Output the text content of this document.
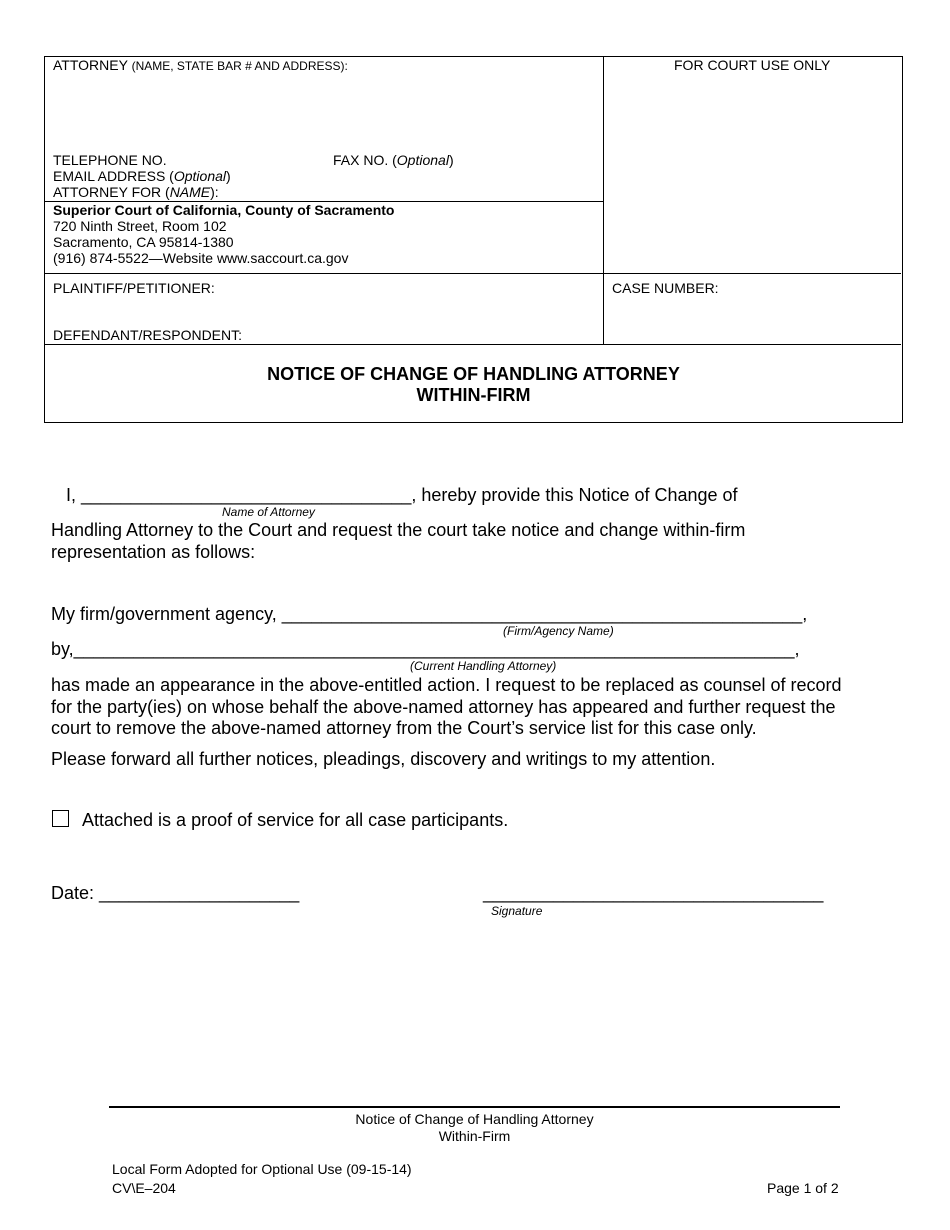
ATTORNEY (NAME, STATE BAR # AND ADDRESS):	FOR COURT USE ONLY
TELEPHONE NO.	FAX NO. (Optional)
EMAIL ADDRESS (Optional)
ATTORNEY FOR (NAME):
Superior Court of California, County of Sacramento
720 Ninth Street, Room 102
Sacramento, CA 95814-1380
(916) 874-5522—Website www.saccourt.ca.gov
PLAINTIFF/PETITIONER:	CASE NUMBER:
DEFENDANT/RESPONDENT:
NOTICE OF CHANGE OF HANDLING ATTORNEY
WITHIN-FIRM
I, _________________________________, hereby provide this Notice of Change of
Name of Attorney
Handling Attorney to the Court and request the court take notice and change within-firm
representation as follows:
My firm/government agency, ____________________________________________________,
(Firm/Agency Name)
by,________________________________________________________________________,
(Current Handling Attorney)
has made an appearance in the above-entitled action. I request to be replaced as counsel of record
for the party(ies) on whose behalf the above-named attorney has appeared and further request the
court to remove the above-named attorney from the Court’s service list for this case only.
Please forward all further notices, pleadings, discovery and writings to my attention.
Attached is a proof of service for all case participants.
Date: ____________________	__________________________________
Signature
Notice of Change of Handling Attorney
Within-Firm
Local Form Adopted for Optional Use (09-15-14)
CV\E–204	Page 1 of 2
